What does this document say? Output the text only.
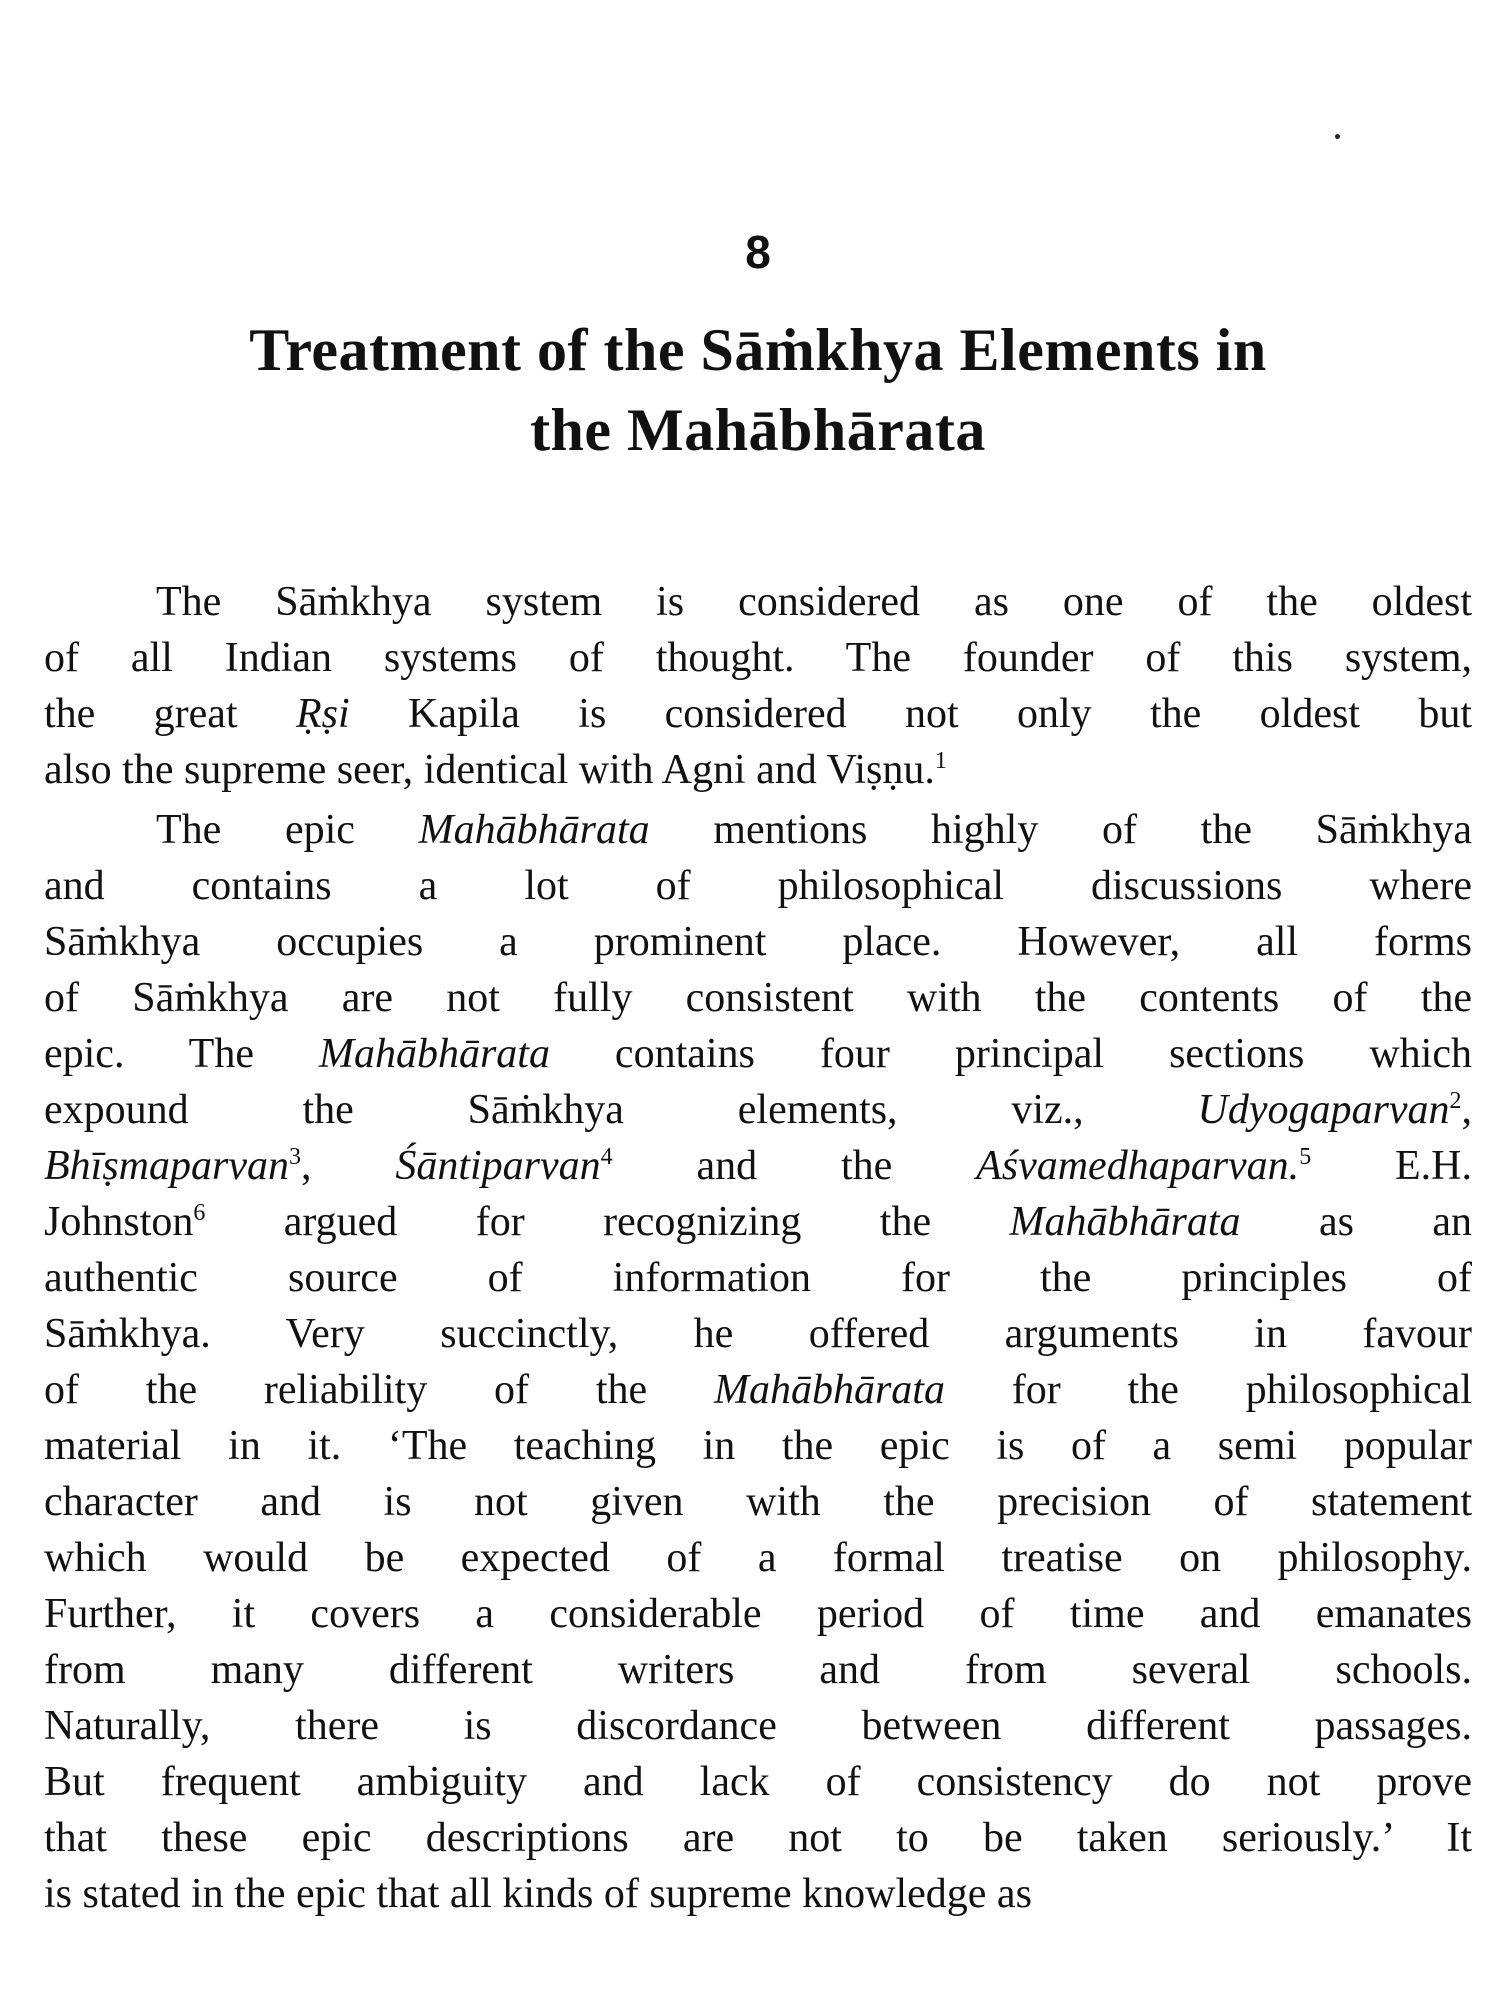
8
Treatment of the Sāṁkhya Elements in
the Mahābhārata
The Sāṁkhya system is considered as one of the oldest
of all Indian systems of thought. The founder of this system,
the great Ṛṣi Kapila is considered not only the oldest but
also the supreme seer, identical with Agni and Viṣṇu.$^1$
The epic Mahābhārata mentions highly of the Sāṁkhya
and contains a lot of philosophical discussions where
Sāṁkhya occupies a prominent place. However, all forms
of Sāṁkhya are not fully consistent with the contents of the
epic. The Mahābhārata contains four principal sections which
expound the Sāṁkhya elements, viz., Udyogaparvan$^2$,
Bhīṣmaparvan$^3$, Śāntiparvan$^4$ and the Aśvamedhaparvan.$^5$ E.H.
Johnston$^6$ argued for recognizing the Mahābhārata as an
authentic source of information for the principles of
Sāṁkhya. Very succinctly, he offered arguments in favour
of the reliability of the Mahābhārata for the philosophical
material in it. ‘The teaching in the epic is of a semi popular
character and is not given with the precision of statement
which would be expected of a formal treatise on philosophy.
Further, it covers a considerable period of time and emanates
from many different writers and from several schools.
Naturally, there is discordance between different passages.
But frequent ambiguity and lack of consistency do not prove
that these epic descriptions are not to be taken seriously.’ It
is stated in the epic that all kinds of supreme knowledge as
